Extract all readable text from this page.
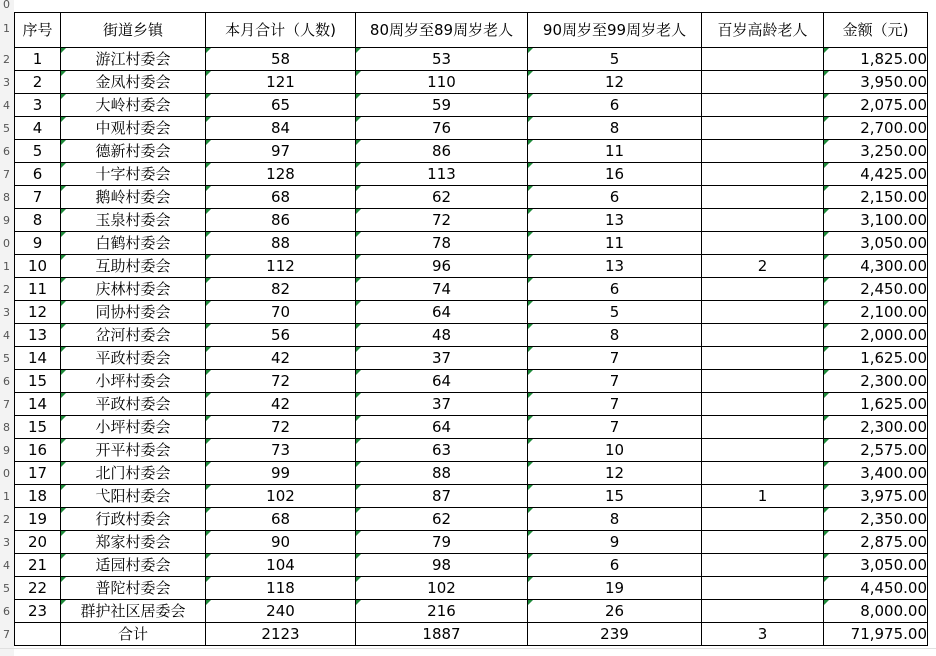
0
1
2
3
4
5
6
7
8
9
0
1
2
3
4
5
6
7
8
9
0
1
2
3
4
5
6
7
序号	街道乡镇	本月合计（人数)	80周岁至89周岁老人	90周岁至99周岁老人	百岁高龄老人	金额（元)
1	游江村委会	58	53	5		1,825.00
2	金凤村委会	121	110	12		3,950.00
3	大岭村委会	65	59	6		2,075.00
4	中观村委会	84	76	8		2,700.00
5	德新村委会	97	86	11		3,250.00
6	十字村委会	128	113	16		4,425.00
7	鹅岭村委会	68	62	6		2,150.00
8	玉泉村委会	86	72	13		3,100.00
9	白鹤村委会	88	78	11		3,050.00
10	互助村委会	112	96	13	2	4,300.00
11	庆林村委会	82	74	6		2,450.00
12	同协村委会	70	64	5		2,100.00
13	岔河村委会	56	48	8		2,000.00
14	平政村委会	42	37	7		1,625.00
15	小坪村委会	72	64	7		2,300.00
14	平政村委会	42	37	7		1,625.00
15	小坪村委会	72	64	7		2,300.00
16	开平村委会	73	63	10		2,575.00
17	北门村委会	99	88	12		3,400.00
18	弋阳村委会	102	87	15	1	3,975.00
19	行政村委会	68	62	8		2,350.00
20	郑家村委会	90	79	9		2,875.00
21	适园村委会	104	98	6		3,050.00
22	普陀村委会	118	102	19		4,450.00
23	群护社区居委会	240	216	26		8,000.00
	合计	2123	1887	239	3	71,975.00
